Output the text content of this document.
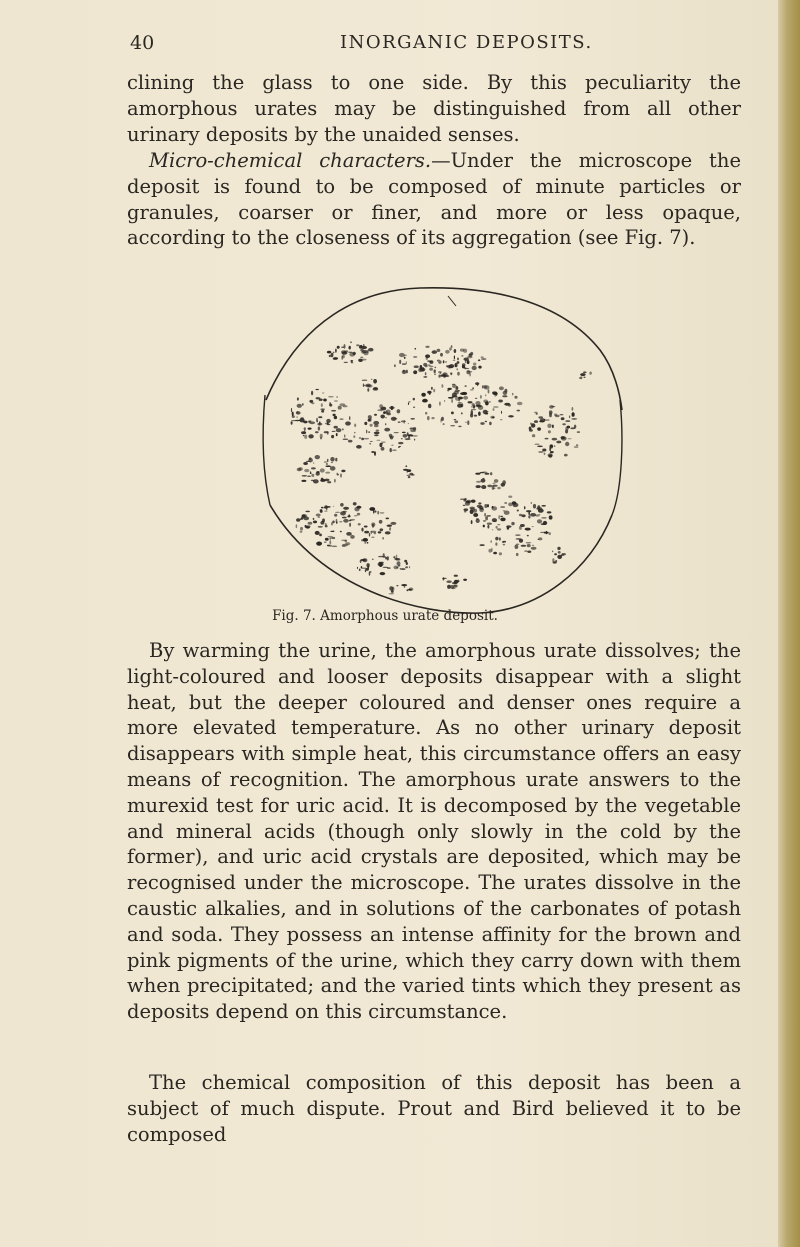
40	INORGANIC DEPOSITS.

clining the glass to one side. By this peculiarity the amorphous urates may be distinguished from all other urinary deposits by the unaided senses.

Micro-chemical characters.—Under the microscope the deposit is found to be composed of minute particles or granules, coarser or finer, and more or less opaque, according to the closeness of its aggregation (see Fig. 7).

Fig. 7. Amorphous urate deposit.

By warming the urine, the amorphous urate dissolves; the light-coloured and looser deposits disappear with a slight heat, but the deeper coloured and denser ones require a more elevated temperature. As no other urinary deposit disappears with simple heat, this circumstance offers an easy means of recognition. The amorphous urate answers to the murexid test for uric acid. It is decomposed by the vegetable and mineral acids (though only slowly in the cold by the former), and uric acid crystals are deposited, which may be recognised under the microscope. The urates dissolve in the caustic alkalies, and in solutions of the carbonates of potash and soda. They possess an intense affinity for the brown and pink pigments of the urine, which they carry down with them when precipitated; and the varied tints which they present as deposits depend on this circumstance.

The chemical composition of this deposit has been a subject of much dispute. Prout and Bird believed it to be composed
